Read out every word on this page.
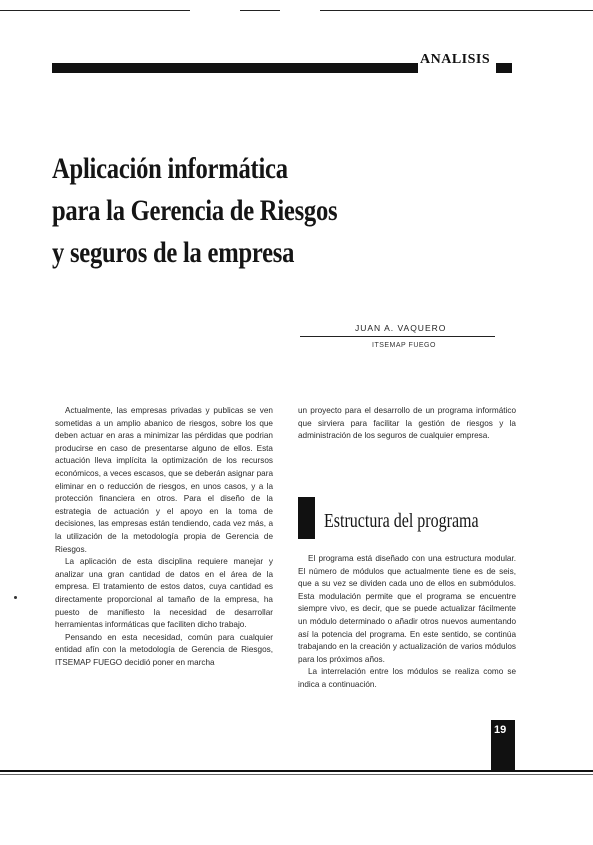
ANALISIS
Aplicación informática
para la Gerencia de Riesgos
y seguros de la empresa
JUAN A. VAQUERO
ITSEMAP FUEGO

Actualmente, las empresas privadas y publicas se ven sometidas a un amplio abanico de riesgos, sobre los que deben actuar en aras a minimizar las pérdidas que podrian producirse en caso de presentarse alguno de ellos. Esta actuación lleva implícita la optimización de los recursos económicos, a veces escasos, que se deberán asignar para eliminar en o reducción de riesgos, en unos casos, y a la protección financiera en otros. Para el diseño de la estrategia de actuación y el apoyo en la toma de decisiones, las empresas están tendiendo, cada vez más, a la utilización de la metodología propia de Gerencia de Riesgos.

La aplicación de esta disciplina requiere manejar y analizar una gran cantidad de datos en el área de la empresa. El tratamiento de estos datos, cuya cantidad es directamente proporcional al tamaño de la empresa, ha puesto de manifiesto la necesidad de desarrollar herramientas informáticas que faciliten dicho trabajo.

Pensando en esta necesidad, común para cualquier entidad afín con la metodología de Gerencia de Riesgos, ITSEMAP FUEGO decidió poner en marcha

un proyecto para el desarrollo de un programa informático que sirviera para facilitar la gestión de riesgos y la administración de los seguros de cualquier empresa.

Estructura del programa

El programa está diseñado con una estructura modular. El número de módulos que actualmente tiene es de seis, que a su vez se dividen cada uno de ellos en submódulos. Esta modulación permite que el programa se encuentre siempre vivo, es decir, que se puede actualizar fácilmente un módulo determinado o añadir otros nuevos aumentando así la potencia del programa. En este sentido, se continúa trabajando en la creación y actualización de varios módulos para los próximos años.

La interrelación entre los módulos se realiza como se indica a continuación.

19
